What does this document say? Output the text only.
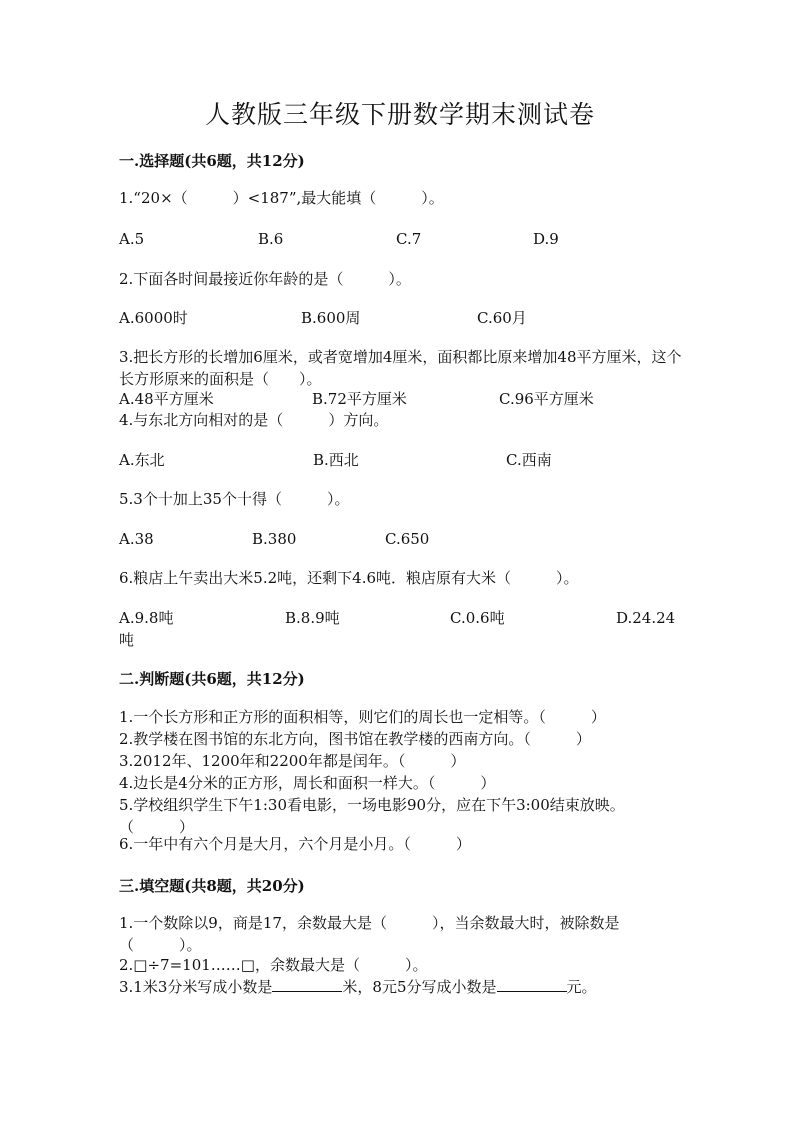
人教版三年级下册数学期末测试卷
一.选择题(共6题，共12分)
1.“20×（　　　）<187”,最大能填（　　　）。
A.5	B.6	C.7	D.9
2.下面各时间最接近你年龄的是（　　　）。
A.6000时	B.600周	C.60月
3.把长方形的长增加6厘米，或者宽增加4厘米，面积都比原来增加48平方厘米，这个长方形原来的面积是（　　）。
A.48平方厘米	B.72平方厘米	C.96平方厘米
4.与东北方向相对的是（　　　）方向。
A.东北	B.西北	C.西南
5.3个十加上35个十得（　　　）。
A.38	B.380	C.650
6.粮店上午卖出大米5.2吨，还剩下4.6吨．粮店原有大米（　　　）。
A.9.8吨	B.8.9吨	C.0.6吨	D.24.24吨
二.判断题(共6题，共12分)
1.一个长方形和正方形的面积相等，则它们的周长也一定相等。（　　　）
2.教学楼在图书馆的东北方向，图书馆在教学楼的西南方向。（　　　）
3.2012年、1200年和2200年都是闰年。（　　　）
4.边长是4分米的正方形，周长和面积一样大。（　　　）
5.学校组织学生下午1:30看电影，一场电影90分，应在下午3:00结束放映。（　　　）
6.一年中有六个月是大月，六个月是小月。（　　　）
三.填空题(共8题，共20分)
1.一个数除以9，商是17，余数最大是（　　　），当余数最大时，被除数是（　　　）。
2.□÷7=101……□，余数最大是（　　　）。
3.1米3分米写成小数是	米，8元5分写成小数是	元。
